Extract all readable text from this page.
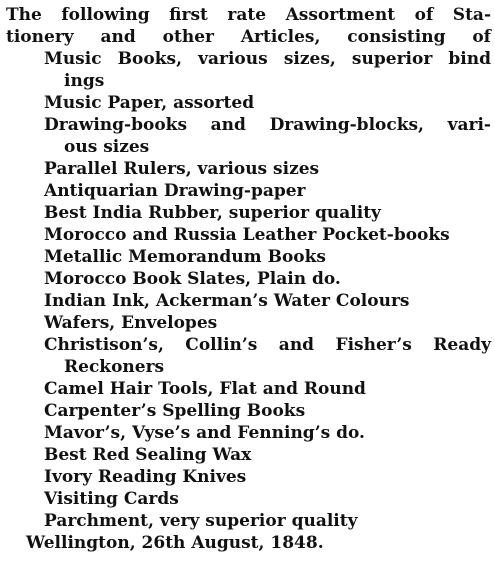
The following first rate Assortment of Sta-
tionery and other Articles, consisting of
Music Books, various sizes, superior bind
ings
Music Paper, assorted
Drawing-books and Drawing-blocks, vari-
ous sizes
Parallel Rulers, various sizes
Antiquarian Drawing-paper
Best India Rubber, superior quality
Morocco and Russia Leather Pocket-books
Metallic Memorandum Books
Morocco Book Slates, Plain do.
Indian Ink, Ackerman’s Water Colours
Wafers, Envelopes
Christison’s, Collin’s and Fisher’s Ready
Reckoners
Camel Hair Tools, Flat and Round
Carpenter’s Spelling Books
Mavor’s, Vyse’s and Fenning’s do.
Best Red Sealing Wax
Ivory Reading Knives
Visiting Cards
Parchment, very superior quality
Wellington, 26th August, 1848.
